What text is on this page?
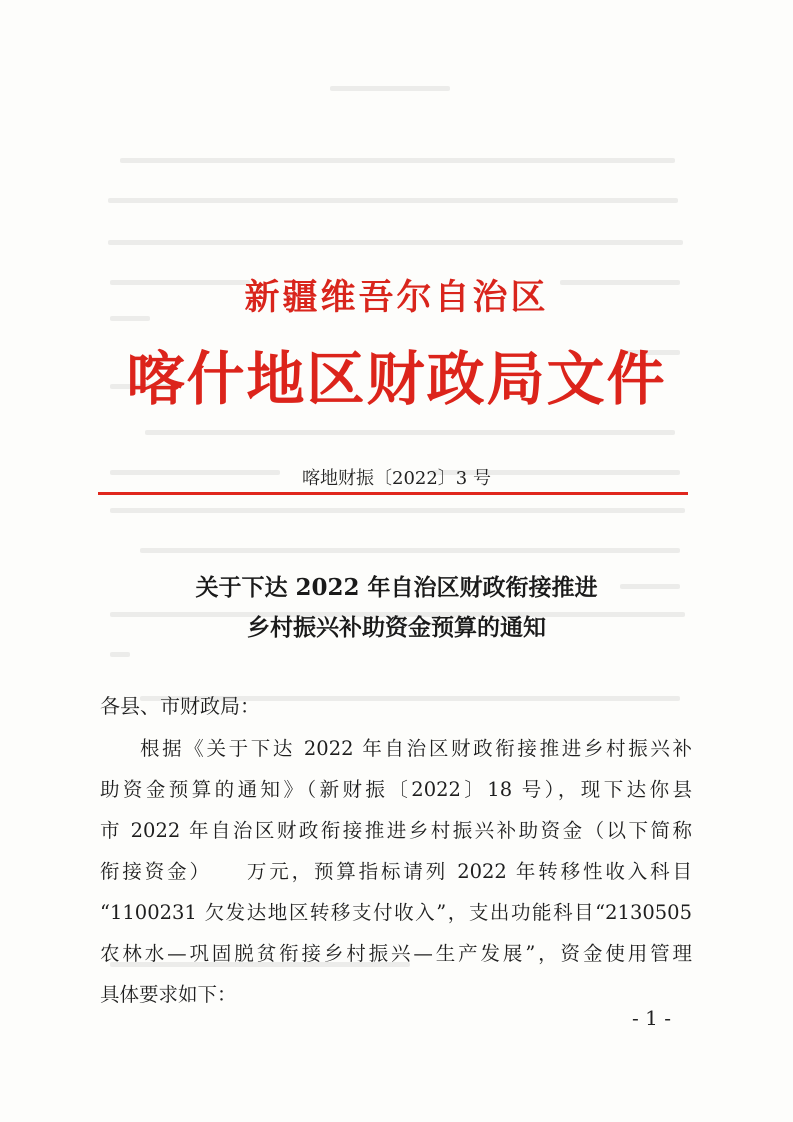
新疆维吾尔自治区
喀什地区财政局文件
喀地财振〔2022〕3 号
关于下达 2022 年自治区财政衔接推进
乡村振兴补助资金预算的通知
各县、市财政局：
根据《关于下达 2022 年自治区财政衔接推进乡村振兴补
助资金预算的通知》（新财振〔2022〕18 号），现下达你县
市 2022 年自治区财政衔接推进乡村振兴补助资金（以下简称
衔接资金）　　万元，预算指标请列 2022 年转移性收入科目
“1100231 欠发达地区转移支付收入”，支出功能科目“2130505
农林水—巩固脱贫衔接乡村振兴—生产发展”，资金使用管理
具体要求如下：
- 1 -
